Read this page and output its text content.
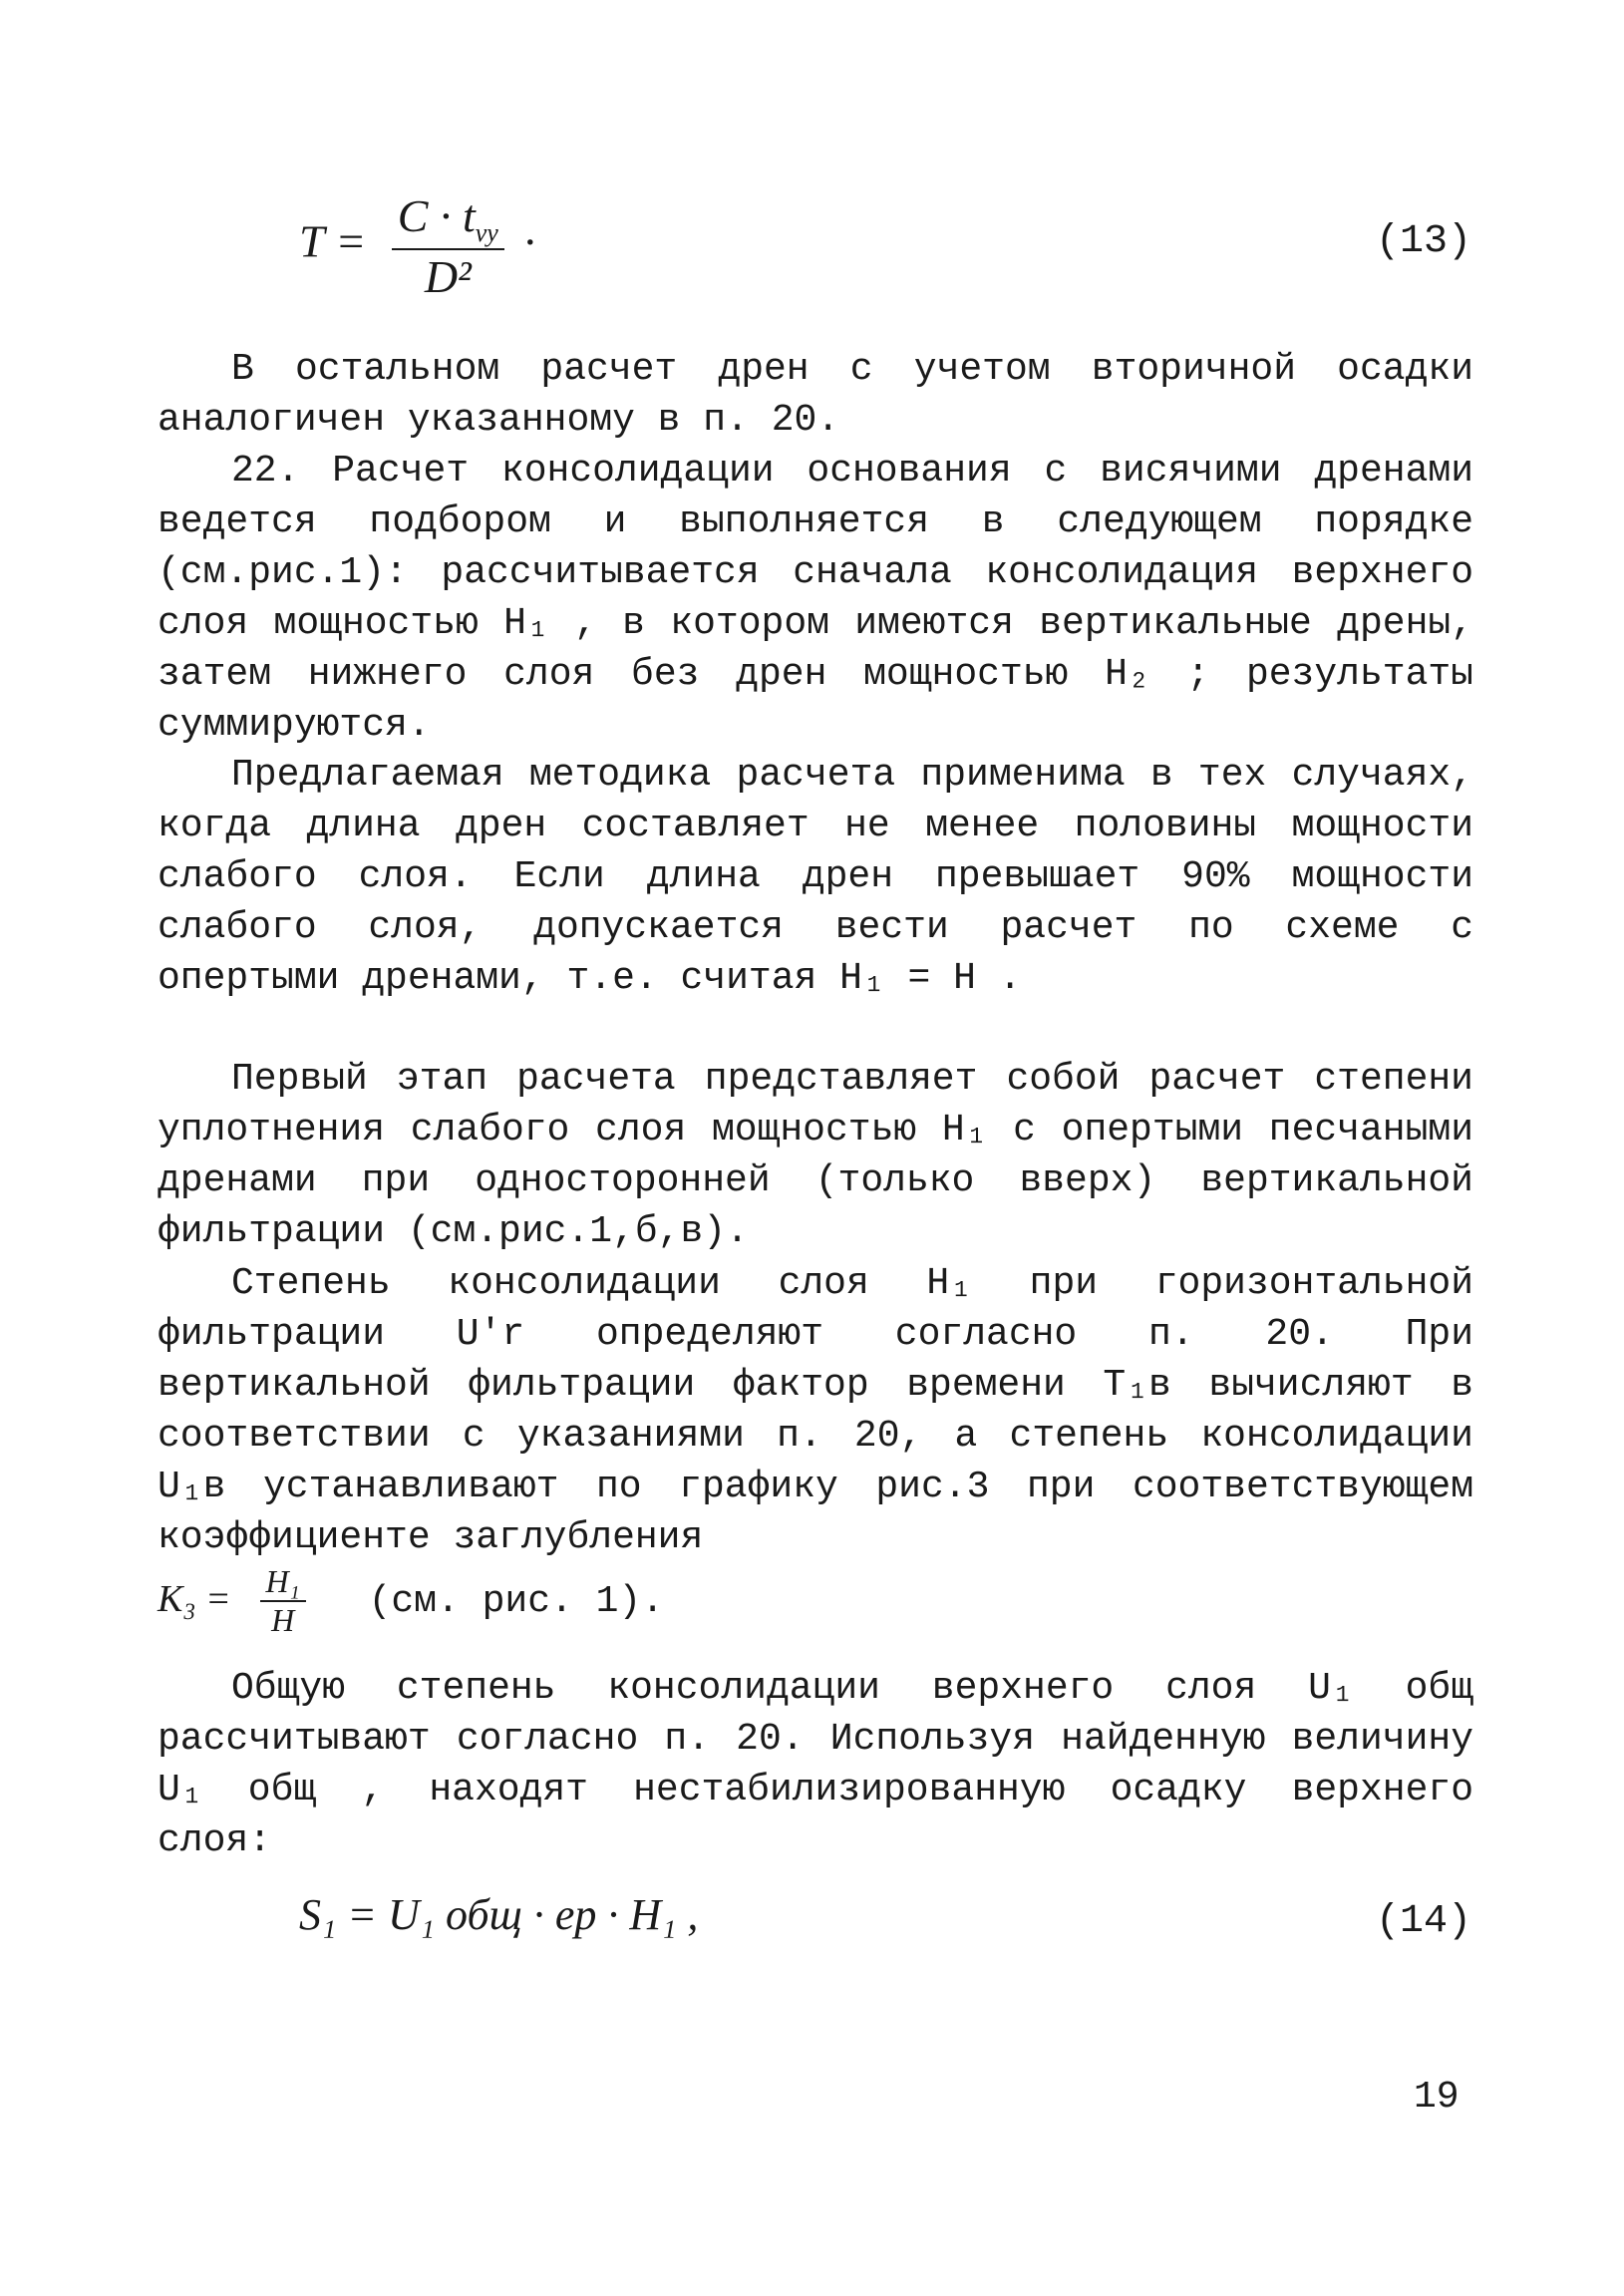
$T = \frac{C \cdot t_{vy}}{\text{D²}}$ ·	(13)
В остальном расчет дрен с учетом вторичной осадки аналогичен указанному в п. 20.
22. Расчет консолидации основания с висячими дренами ведется подбором и выполняется в следующем порядке (см.рис.1): рассчитывается сначала консолидация верхнего слоя мощностью H₁ , в котором имеются вертикальные дрены, затем нижнего слоя без дрен мощностью H₂ ; результаты суммируются.
Предлагаемая методика расчета применима в тех случаях, когда длина дрен составляет не менее половины мощности слабого слоя. Если длина дрен превышает 90% мощности слабого слоя, допускается вести расчет по схеме с опертыми дренами, т.е. считая H₁ = H .
Первый этап расчета представляет собой расчет степени уплотнения слабого слоя мощностью H₁ с опертыми песчаными дренами при односторонней (только вверх) вертикальной фильтрации (см.рис.1,б,в).
Степень консолидации слоя H₁ при горизонтальной фильтрации U′r определяют согласно п. 20. При вертикальной фильтрации фактор времени T₁в вычисляют в соответствии с указаниями п. 20, а степень консолидации U₁в устанавливают по графику рис.3 при соответствующем коэффициенте заглубления
$K_3 = \frac{\text{H₁}}{H} (см$. рис. 1).
Общую степень консолидации верхнего слоя U₁ общ рассчитывают согласно п. 20. Используя найденную величину U₁ общ , находят нестабилизированную осадку верхнего слоя:
S₁ = U₁ общ · eр · H₁ ,	(14)
19
